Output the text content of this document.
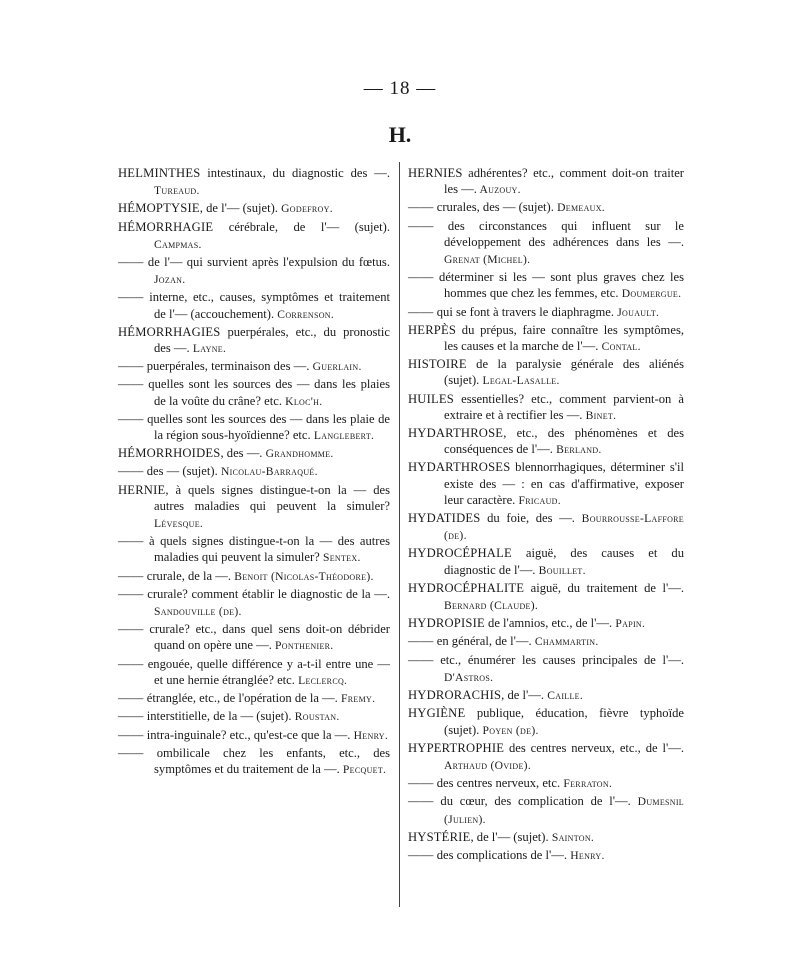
— 18 —
H.

HELMINTHES intestinaux, du diagnostic des —. Tureaud.

HÉMOPTYSIE, de l'— (sujet). Godefroy.

HÉMORRHAGIE cérébrale, de l'— (sujet). Campmas.

—— de l'— qui survient après l'expulsion du fœtus. Jozan.

—— interne, etc., causes, symptômes et traitement de l'— (accouchement). Correnson.

HÉMORRHAGIES puerpérales, etc., du pronostic des —. Layne.

—— puerpérales, terminaison des —. Guerlain.

—— quelles sont les sources des — dans les plaies de la voûte du crâne? etc. Kloc'h.

—— quelles sont les sources des — dans les plaie de la région sous-hyoïdienne? etc. Langlebert.

HÉMORRHOIDES, des —. Grandhomme.

—— des — (sujet). Nicolau-Barraqué.

HERNIE, à quels signes distingue-t-on la — des autres maladies qui peuvent la simuler? Lévesque.

—— à quels signes distingue-t-on la — des autres maladies qui peuvent la simuler? Sentex.

—— crurale, de la —. Benoit (Nicolas-Théodore).

—— crurale? comment établir le diagnostic de la —. Sandouville (de).

—— crurale? etc., dans quel sens doit-on débrider quand on opère une —. Ponthenier.

—— engouée, quelle différence y a-t-il entre une — et une hernie étranglée? etc. Leclercq.

—— étranglée, etc., de l'opération de la —. Fremy.

—— interstitielle, de la — (sujet). Roustan.

—— intra-inguinale? etc., qu'est-ce que la —. Henry.

—— ombilicale chez les enfants, etc., des symptômes et du traitement de la —. Pecquet.

HERNIES adhérentes? etc., comment doit-on traiter les —. Auzouy.

—— crurales, des — (sujet). Demeaux.

—— des circonstances qui influent sur le développement des adhérences dans les —. Grenat (Michel).

—— déterminer si les — sont plus graves chez les hommes que chez les femmes, etc. Doumergue.

—— qui se font à travers le diaphragme. Jouault.

HERPÈS du prépus, faire connaître les symptômes, les causes et la marche de l'—. Contal.

HISTOIRE de la paralysie générale des aliénés (sujet). Legal-Lasalle.

HUILES essentielles? etc., comment parvient-on à extraire et à rectifier les —. Binet.

HYDARTHROSE, etc., des phénomènes et des conséquences de l'—. Berland.

HYDARTHROSES blennorrhagiques, déterminer s'il existe des — : en cas d'affirmative, exposer leur caractère. Fricaud.

HYDATIDES du foie, des —. Bourrousse-Laffore (de).

HYDROCÉPHALE aiguë, des causes et du diagnostic de l'—. Bouillet.

HYDROCÉPHALITE aiguë, du traitement de l'—. Bernard (Claude).

HYDROPISIE de l'amnios, etc., de l'—. Papin.

—— en général, de l'—. Chammartin.

—— etc., énumérer les causes principales de l'—. D'Astros.

HYDRORACHIS, de l'—. Caille.

HYGIÈNE publique, éducation, fièvre typhoïde (sujet). Poyen (de).

HYPERTROPHIE des centres nerveux, etc., de l'—. Arthaud (Ovide).

—— des centres nerveux, etc. Ferraton.

—— du cœur, des complication de l'—. Dumesnil (Julien).

HYSTÉRIE, de l'— (sujet). Sainton.

—— des complications de l'—. Henry.
